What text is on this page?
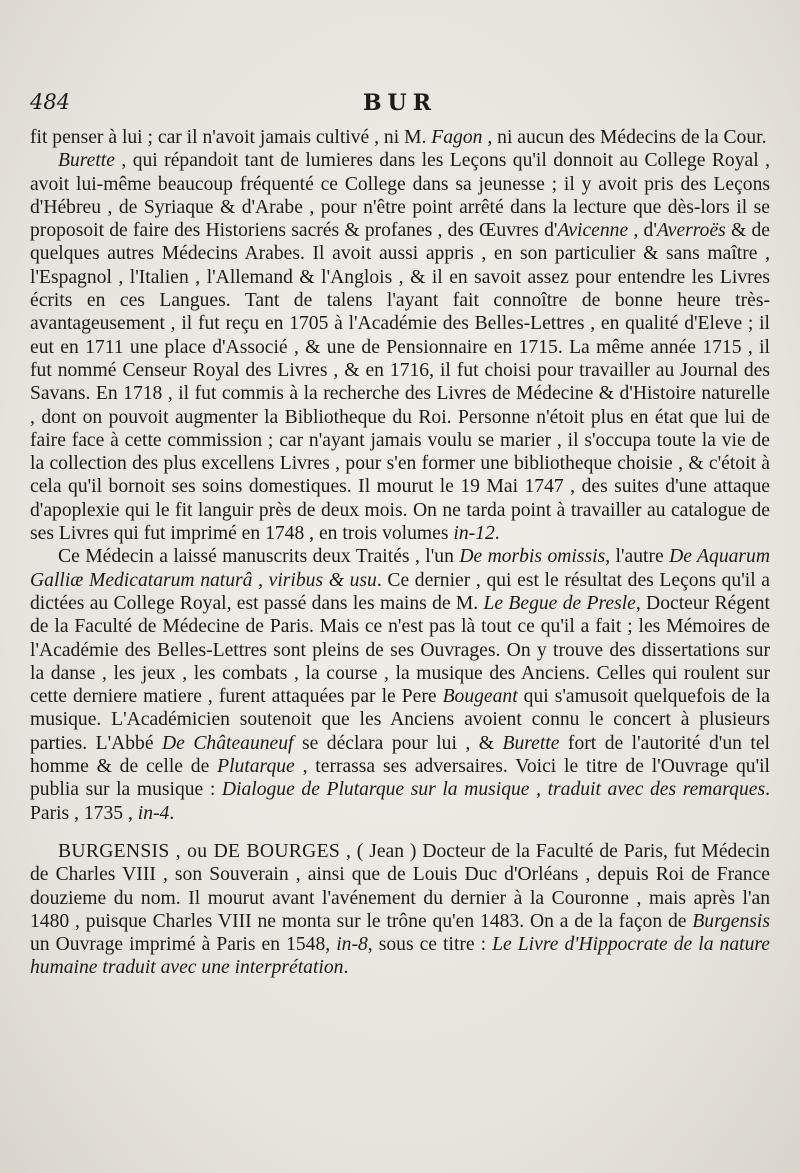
484	BUR

fit penser à lui ; car il n'avoit jamais cultivé , ni M. Fagon , ni aucun des Médecins de la Cour.

Burette , qui répandoit tant de lumieres dans les Leçons qu'il donnoit au College Royal , avoit lui-même beaucoup fréquenté ce College dans sa jeunesse ; il y avoit pris des Leçons d'Hébreu , de Syriaque & d'Arabe , pour n'être point arrêté dans la lecture que dès-lors il se proposoit de faire des Historiens sacrés & profanes , des Œuvres d'Avicenne , d'Averroës & de quelques autres Médecins Arabes. Il avoit aussi appris , en son particulier & sans maître , l'Espagnol , l'Italien , l'Allemand & l'Anglois , & il en savoit assez pour entendre les Livres écrits en ces Langues. Tant de talens l'ayant fait connoître de bonne heure très-avantageusement , il fut reçu en 1705 à l'Académie des Belles-Lettres , en qualité d'Eleve ; il eut en 1711 une place d'Associé , & une de Pensionnaire en 1715. La même année 1715 , il fut nommé Censeur Royal des Livres , & en 1716, il fut choisi pour travailler au Journal des Savans. En 1718 , il fut commis à la recherche des Livres de Médecine & d'Histoire naturelle , dont on pouvoit augmenter la Bibliotheque du Roi. Personne n'étoit plus en état que lui de faire face à cette commission ; car n'ayant jamais voulu se marier , il s'occupa toute la vie de la collection des plus excellens Livres , pour s'en former une bibliotheque choisie , & c'étoit à cela qu'il bornoit ses soins domestiques. Il mourut le 19 Mai 1747 , des suites d'une attaque d'apoplexie qui le fit languir près de deux mois. On ne tarda point à travailler au catalogue de ses Livres qui fut imprimé en 1748 , en trois volumes in-12.

Ce Médecin a laissé manuscrits deux Traités , l'un De morbis omissis, l'autre De Aquarum Galliæ Medicatarum naturâ , viribus & usu. Ce dernier , qui est le résultat des Leçons qu'il a dictées au College Royal, est passé dans les mains de M. Le Begue de Presle, Docteur Régent de la Faculté de Médecine de Paris. Mais ce n'est pas là tout ce qu'il a fait ; les Mémoires de l'Académie des Belles-Lettres sont pleins de ses Ouvrages. On y trouve des dissertations sur la danse , les jeux , les combats , la course , la musique des Anciens. Celles qui roulent sur cette derniere matiere , furent attaquées par le Pere Bougeant qui s'amusoit quelquefois de la musique. L'Académicien soutenoit que les Anciens avoient connu le concert à plusieurs parties. L'Abbé De Châteauneuf se déclara pour lui , & Burette fort de l'autorité d'un tel homme & de celle de Plutarque , terrassa ses adversaires. Voici le titre de l'Ouvrage qu'il publia sur la musique : Dialogue de Plutarque sur la musique , traduit avec des remarques. Paris , 1735 , in-4.

BURGENSIS , ou DE BOURGES , ( Jean ) Docteur de la Faculté de Paris, fut Médecin de Charles VIII , son Souverain , ainsi que de Louis Duc d'Orléans , depuis Roi de France douzieme du nom. Il mourut avant l'avénement du dernier à la Couronne , mais après l'an 1480 , puisque Charles VIII ne monta sur le trône qu'en 1483. On a de la façon de Burgensis un Ouvrage imprimé à Paris en 1548, in-8, sous ce titre : Le Livre d'Hippocrate de la nature humaine traduit avec une interprétation.
